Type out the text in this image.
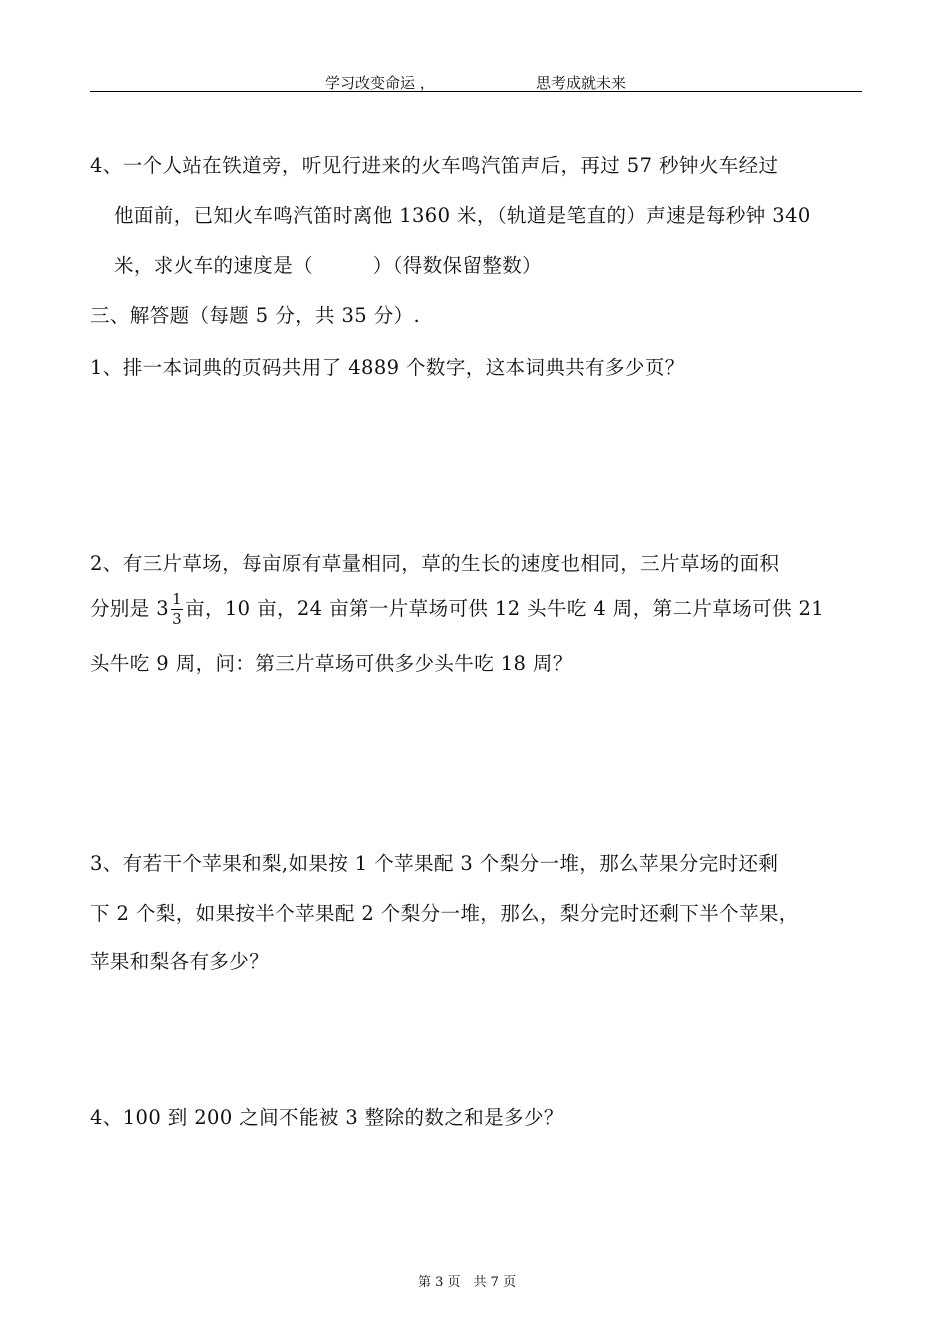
学习改变命运 ，	思考成就未来
4、一个人站在铁道旁，听见行进来的火车鸣汽笛声后，再过 57 秒钟火车经过
他面前，已知火车鸣汽笛时离他 1360 米，（轨道是笔直的）声速是每秒钟 340
米，求火车的速度是（　　　）（得数保留整数）
三、解答题（每题 5 分，共 35 分）.
1、排一本词典的页码共用了 4889 个数字，这本词典共有多少页？
2、有三片草场，每亩原有草量相同，草的生长的速度也相同，三片草场的面积
分别是 $3 \frac{1}{3}$ 亩，10 亩，24 亩第一片草场可供 12 头牛吃 4 周，第二片草场可供 21
头牛吃 9 周，问：第三片草场可供多少头牛吃 18 周？
3、有若干个苹果和梨,如果按 1 个苹果配 3 个梨分一堆，那么苹果分完时还剩
下 2 个梨，如果按半个苹果配 2 个梨分一堆，那么，梨分完时还剩下半个苹果，
苹果和梨各有多少？
4、100 到 200 之间不能被 3 整除的数之和是多少？
第 3 页　共 7 页
